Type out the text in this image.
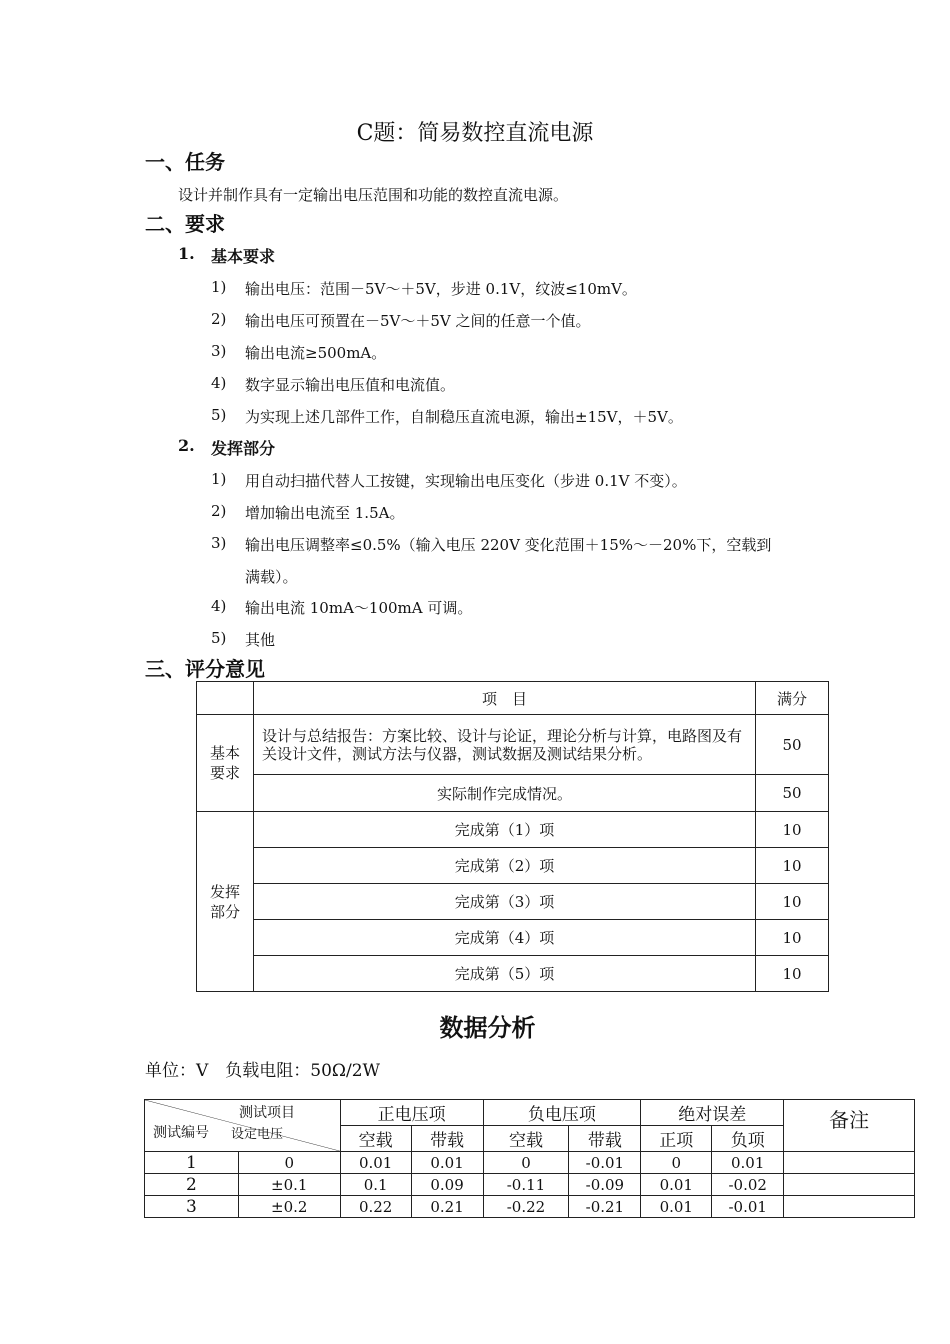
C题：简易数控直流电源
一、任务
设计并制作具有一定输出电压范围和功能的数控直流电源。
二、要求
1. 基本要求
1) 输出电压：范围－5V～＋5V，步进 0.1V，纹波≤10mV。
2) 输出电压可预置在－5V～＋5V 之间的任意一个值。
3) 输出电流≥500mA。
4) 数字显示输出电压值和电流值。
5) 为实现上述几部件工作，自制稳压直流电源，输出±15V，＋5V。
2. 发挥部分
1) 用自动扫描代替人工按键，实现输出电压变化（步进 0.1V 不变）。
2) 增加输出电流至 1.5A。
3) 输出电压调整率≤0.5%（输入电压 220V 变化范围＋15%～－20%下，空载到
满载）。
4) 输出电流 10mA～100mA 可调。
5) 其他
三、评分意见
	项　目	满分

基本要求	设计与总结报告：方案比较、设计与论证，理论分析与计算，电路图及有关设计文件，测试方法与仪器，测试数据及测试结果分析。	50
	实际制作完成情况。	50

发挥部分	完成第（1）项	10
	完成第（2）项	10
	完成第（3）项	10
	完成第（4）项	10
	完成第（5）项	10
数据分析
单位：V　负载电阻：50Ω/2W
测试项目
测试编号 设定电压		正电压项		负电压项		绝对误差		备注
		空载	带载	空载	带载	正项	负项	
1	0	0.01	0.01	0	-0.01	0	0.01	
2	±0.1	0.1	0.09	-0.11	-0.09	0.01	-0.02	
3	±0.2	0.22	0.21	-0.22	-0.21	0.01	-0.01	
